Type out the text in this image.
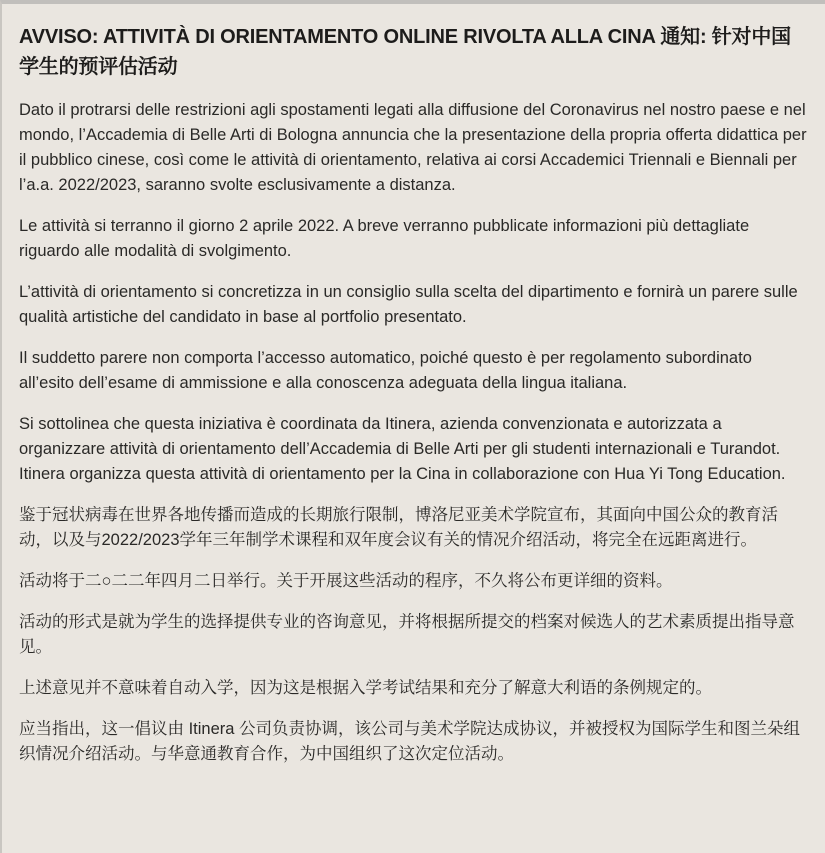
AVVISO: ATTIVITÀ DI ORIENTAMENTO ONLINE RIVOLTA ALLA CINA 通知: 针对中国学生的预评估活动

Dato il protrarsi delle restrizioni agli spostamenti legati alla diffusione del Coronavirus nel nostro paese e nel mondo, l’Accademia di Belle Arti di Bologna annuncia che la presentazione della propria offerta didattica per il pubblico cinese, così come le attività di orientamento, relativa ai corsi Accademici Triennali e Biennali per l’a.a. 2022/2023, saranno svolte esclusivamente a distanza.

Le attività si terranno il giorno 2 aprile 2022. A breve verranno pubblicate informazioni più dettagliate riguardo alle modalità di svolgimento.

L’attività di orientamento si concretizza in un consiglio sulla scelta del dipartimento e fornirà un parere sulle qualità artistiche del candidato in base al portfolio presentato.

Il suddetto parere non comporta l’accesso automatico, poiché questo è per regolamento subordinato all’esito dell’esame di ammissione e alla conoscenza adeguata della lingua italiana.

Si sottolinea che questa iniziativa è coordinata da Itinera, azienda convenzionata e autorizzata a organizzare attività di orientamento dell’Accademia di Belle Arti per gli studenti internazionali e Turandot. Itinera organizza questa attività di orientamento per la Cina in collaborazione con Hua Yi Tong Education.

鉴于冠状病毒在世界各地传播而造成的长期旅行限制，博洛尼亚美术学院宣布，其面向中国公众的教育活动，以及与2022/2023学年三年制学术课程和双年度会议有关的情况介绍活动，将完全在远距离进行。

活动将于二○二二年四月二日举行。关于开展这些活动的程序，不久将公布更详细的资料。

活动的形式是就为学生的选择提供专业的咨询意见，并将根据所提交的档案对候选人的艺术素质提出指导意见。

上述意见并不意味着自动入学，因为这是根据入学考试结果和充分了解意大利语的条例规定的。

应当指出，这一倡议由 Itinera 公司负责协调，该公司与美术学院达成协议，并被授权为国际学生和图兰朵组织情况介绍活动。与华意通教育合作，为中国组织了这次定位活动。
